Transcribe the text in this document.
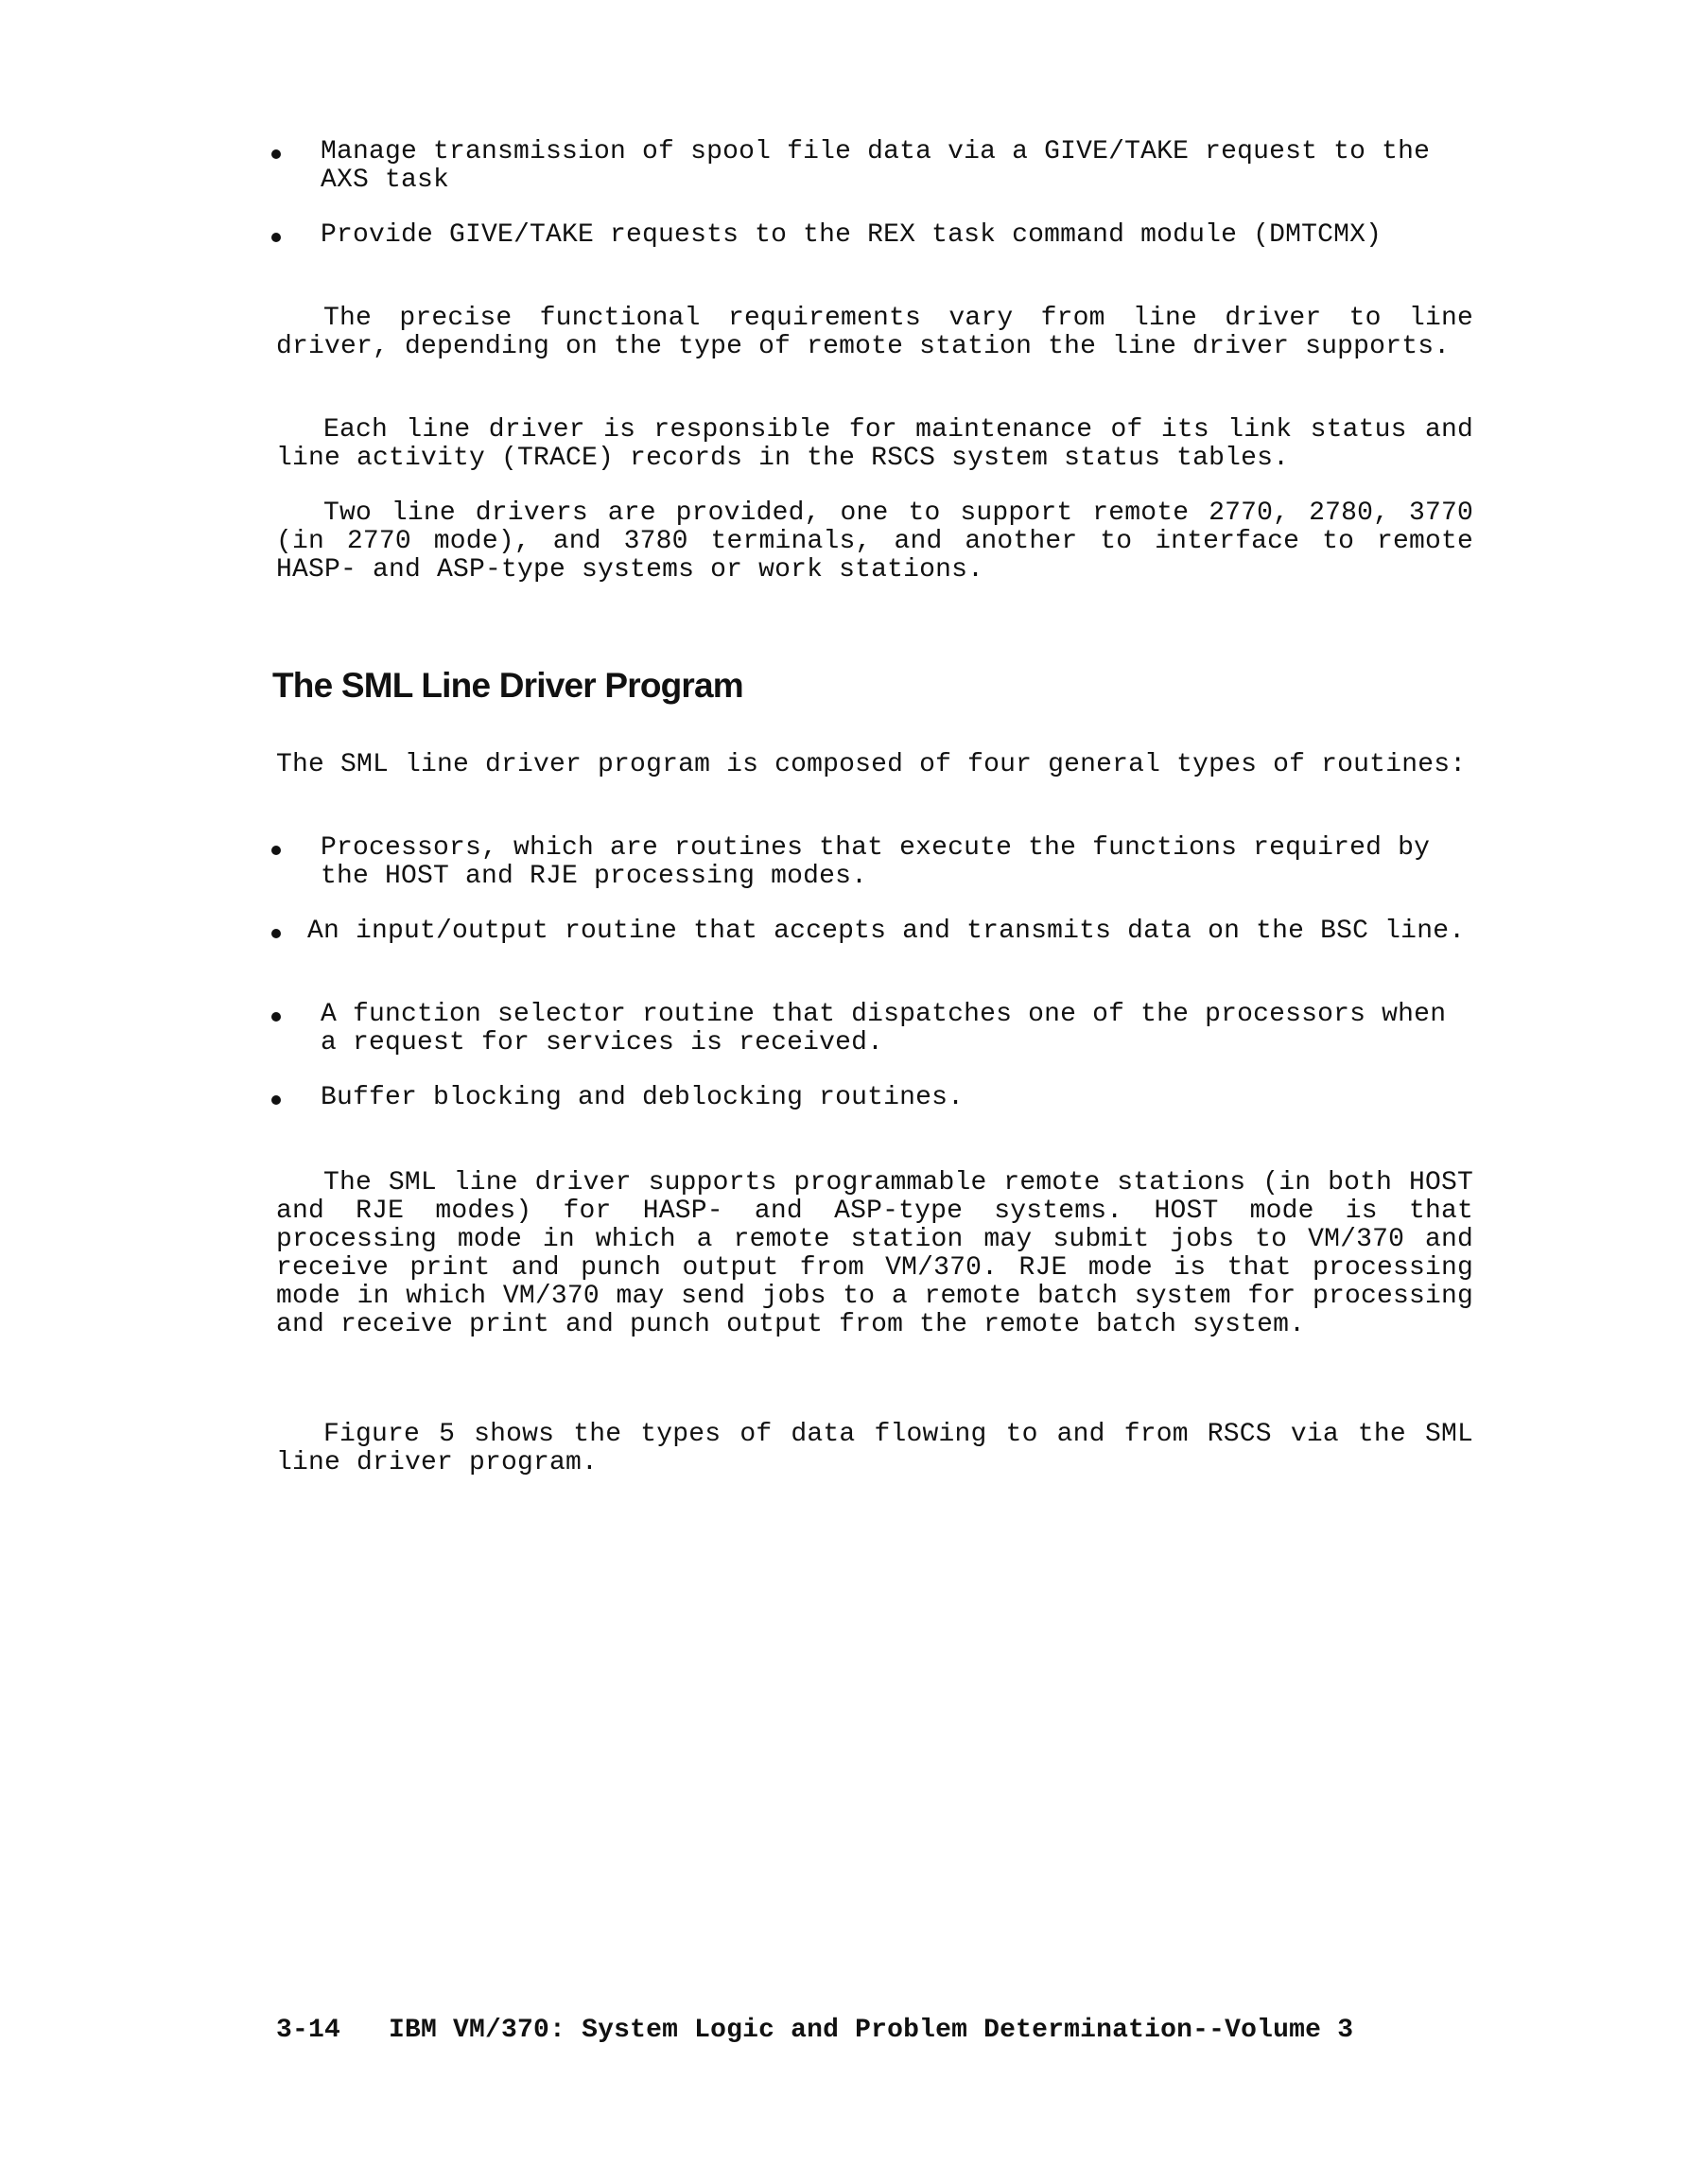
Manage transmission of spool file data via a GIVE/TAKE request to the AXS task
Provide GIVE/TAKE requests to the REX task command module (DMTCMX)
The precise functional requirements vary from line driver to line driver, depending on the type of remote station the line driver supports.
Each line driver is responsible for maintenance of its link status and line activity (TRACE) records in the RSCS system status tables.
Two line drivers are provided, one to support remote 2770, 2780, 3770 (in 2770 mode), and 3780 terminals, and another to interface to remote HASP- and ASP-type systems or work stations.
The SML Line Driver Program
The SML line driver program is composed of four general types of routines:
Processors, which are routines that execute the functions required by the HOST and RJE processing modes.
An input/output routine that accepts and transmits data on the BSC line.
A function selector routine that dispatches one of the processors when a request for services is received.
Buffer blocking and deblocking routines.
The SML line driver supports programmable remote stations (in both HOST and RJE modes) for HASP- and ASP-type systems. HOST mode is that processing mode in which a remote station may submit jobs to VM/370 and receive print and punch output from VM/370. RJE mode is that processing mode in which VM/370 may send jobs to a remote batch system for processing and receive print and punch output from the remote batch system.
Figure 5 shows the types of data flowing to and from RSCS via the SML line driver program.
3-14 IBM VM/370: System Logic and Problem Determination--Volume 3
